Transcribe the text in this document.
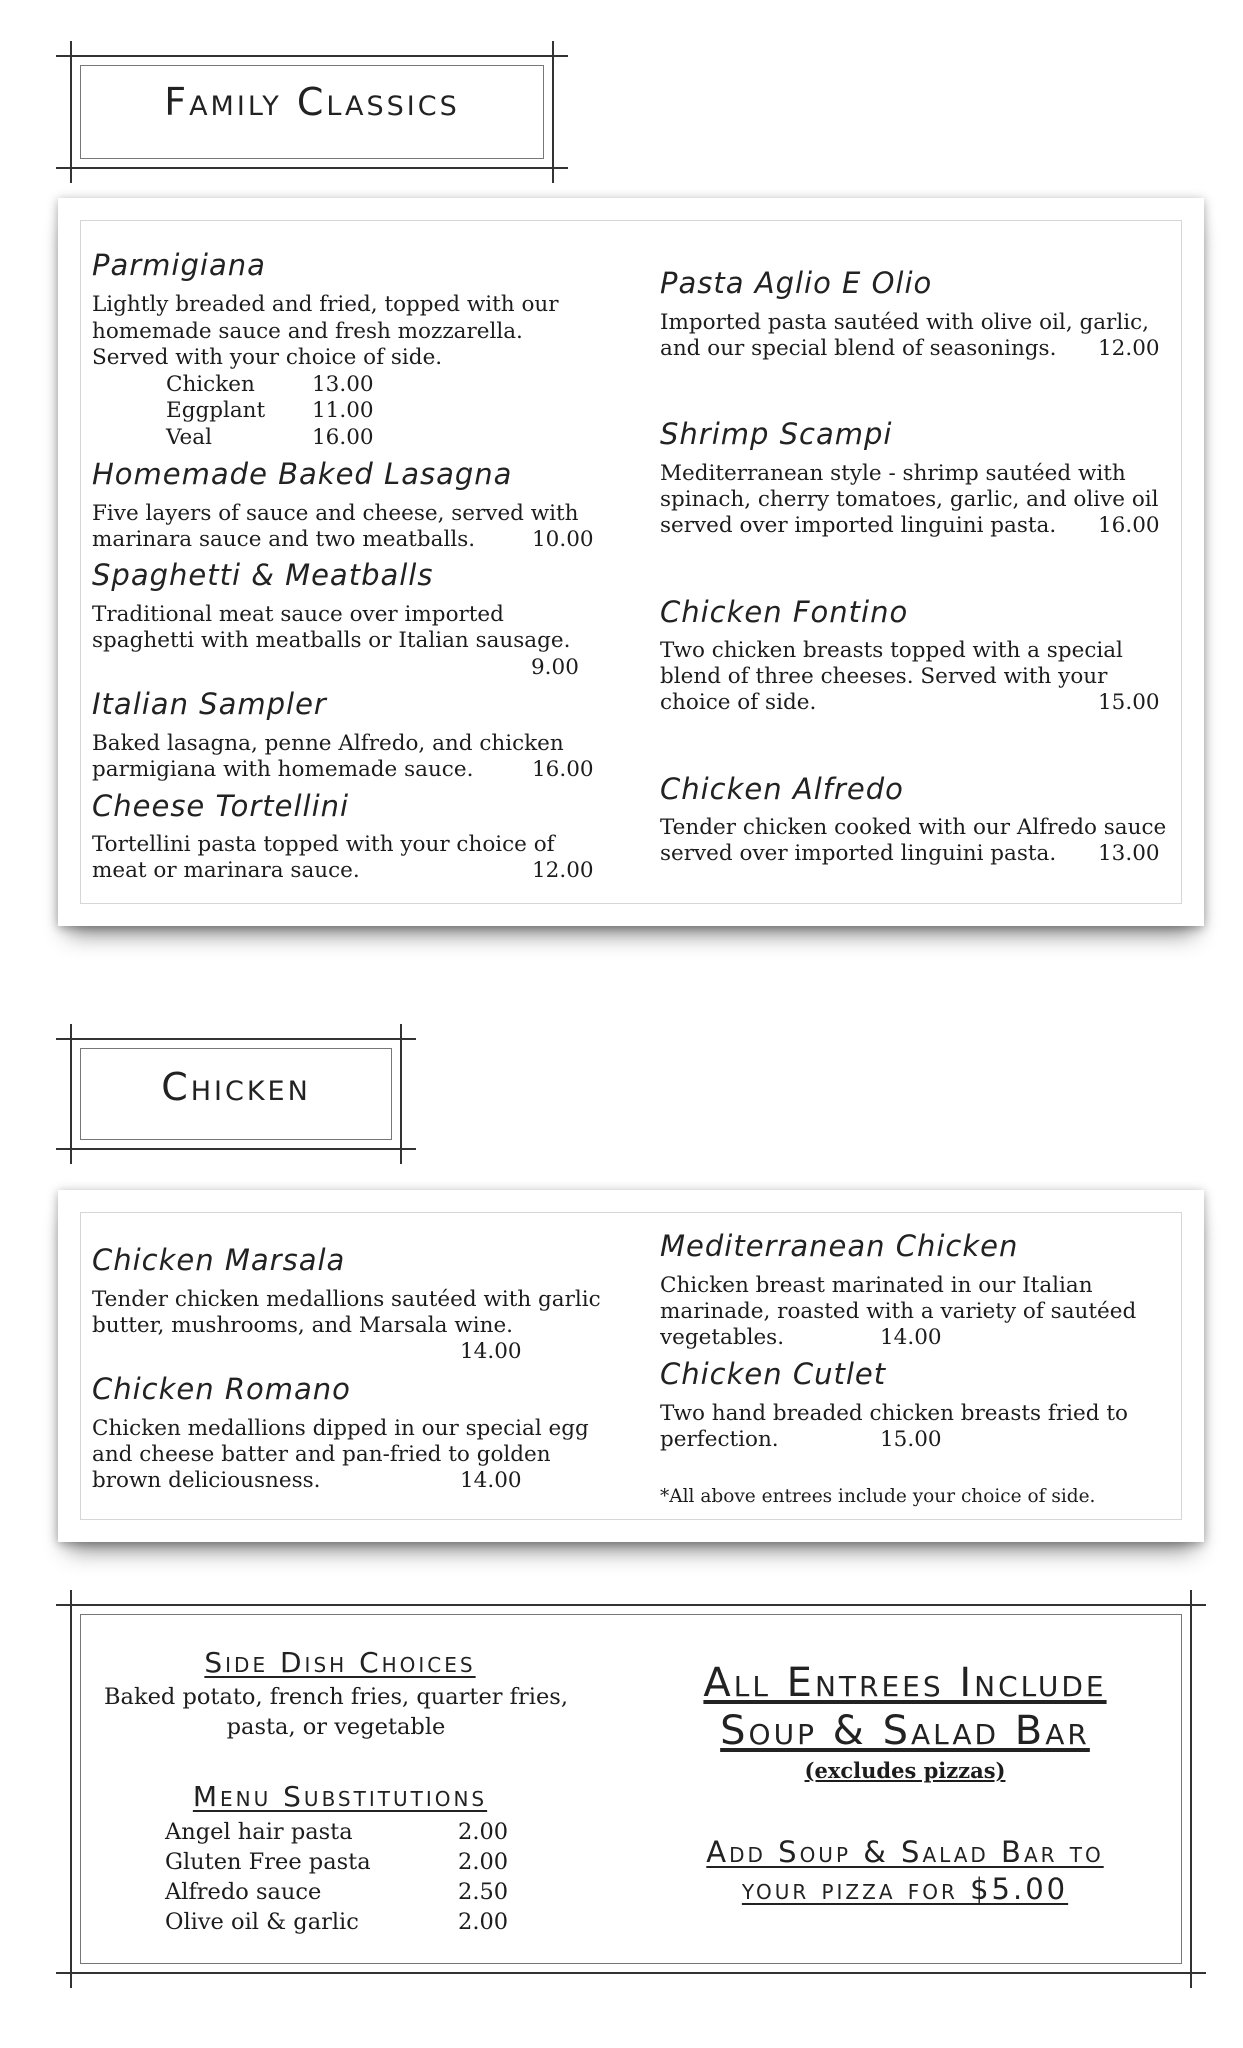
Family Classics
Parmigiana
Lightly breaded and fried, topped with our
homemade sauce and fresh mozzarella.
Served with your choice of side.
Chicken	13.00
Eggplant 11.00
Veal	16.00
Homemade Baked Lasagna
Five layers of sauce and cheese, served with
marinara sauce and two meatballs.	10.00
Spaghetti & Meatballs
Traditional meat sauce over imported
spaghetti with meatballs or Italian sausage.
9.00
Italian Sampler
Baked lasagna, penne Alfredo, and chicken
parmigiana with homemade sauce.	16.00
Cheese Tortellini
Tortellini pasta topped with your choice of
meat or marinara sauce.	12.00
Pasta Aglio E Olio
Imported pasta sautéed with olive oil, garlic,
and our special blend of seasonings. 12.00
Shrimp Scampi
Mediterranean style - shrimp sautéed with
spinach, cherry tomatoes, garlic, and olive oil
served over imported linguini pasta. 16.00
Chicken Fontino
Two chicken breasts topped with a special
blend of three cheeses. Served with your
choice of side.	15.00
Chicken Alfredo
Tender chicken cooked with our Alfredo sauce
served over imported linguini pasta. 13.00
Chicken
Chicken Marsala
Tender chicken medallions sautéed with garlic
butter, mushrooms, and Marsala wine.
14.00
Chicken Romano
Chicken medallions dipped in our special egg
and cheese batter and pan-fried to golden
brown deliciousness.	14.00
Mediterranean Chicken
Chicken breast marinated in our Italian
marinade, roasted with a variety of sautéed
vegetables.	14.00
Chicken Cutlet
Two hand breaded chicken breasts fried to
perfection.	15.00
*All above entrees include your choice of side.
Side Dish Choices
Baked potato, french fries, quarter fries,
pasta, or vegetable
Menu Substitutions
Angel hair pasta	2.00
Gluten Free pasta	2.00
Alfredo sauce	2.50
Olive oil & garlic	2.00
All Entrees Include
Soup & Salad Bar
(excludes pizzas)
Add Soup & Salad Bar to
your pizza for $5.00
